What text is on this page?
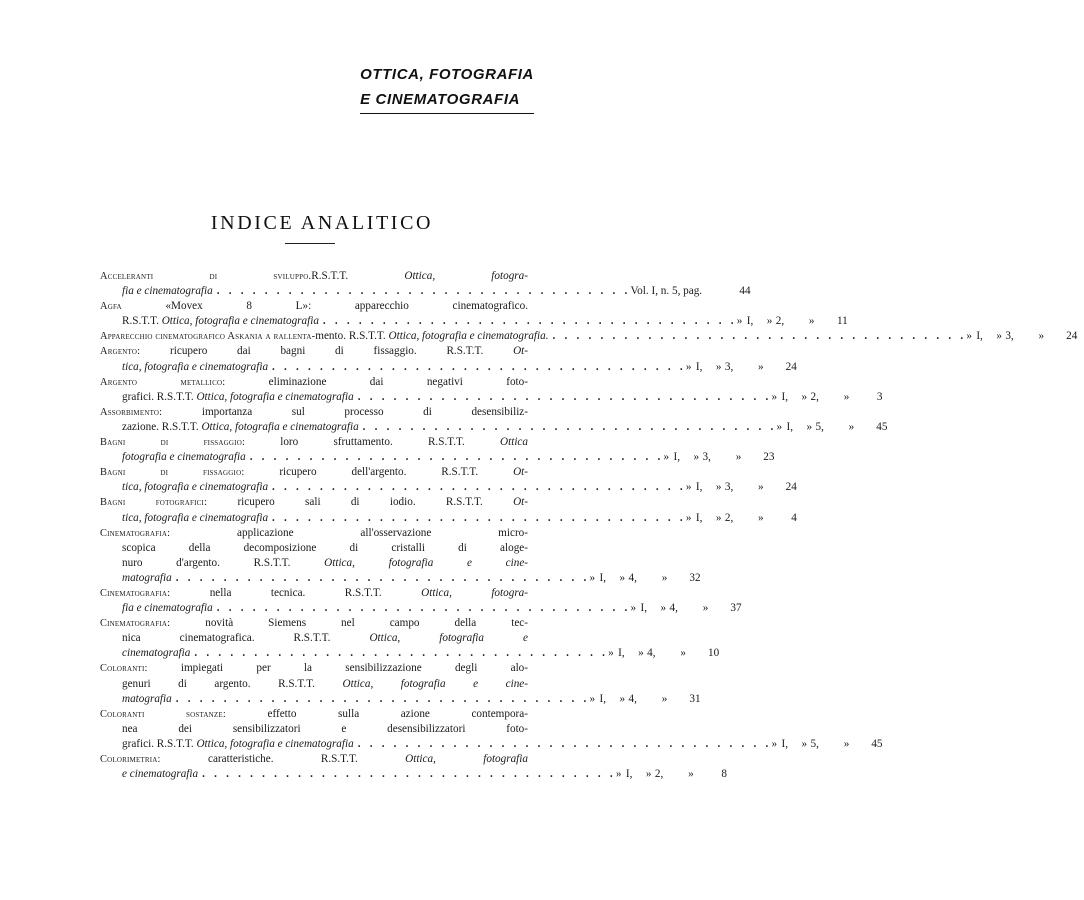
OTTICA, FOTOGRAFIA
E CINEMATOGRAFIA
INDICE ANALITICO
Acceleranti di sviluppo.R.S.T.T. Ottica, fotogra-
fia e cinematografia . . . . . . . . . . . . . . . . . . . . . . . . . . . . . . . . . . . Vol. I, n. 5, pag.	44
Agfa «Movex 8 L»: apparecchio cinematografico.
R.S.T.T. Ottica, fotografia e cinematografia . . . . . . . . . . . . . . . . . . . . . . . . . . . . . . . . . . . » I,	» 2,	»	11
Apparecchio cinematografico Askania a rallenta-mento. R.S.T.T. Ottica, fotografia e cinematografia. . . . . . . . . . . . . . . . . . . . . . . . . . . . . . . . . . . . » I,	» 3,	»	24
Argento: ricupero dai bagni di fissaggio. R.S.T.T. Ot-
tica, fotografia e cinematografia . . . . . . . . . . . . . . . . . . . . . . . . . . . . . . . . . . . » I,	» 3,	»	24
Argento metallico: eliminazione dai negativi foto-
grafici. R.S.T.T. Ottica, fotografia e cinematografia . . . . . . . . . . . . . . . . . . . . . . . . . . . . . . . . . . . » I,	» 2,	»	3
Assorbimento: importanza sul processo di desensibiliz-
zazione. R.S.T.T. Ottica, fotografia e cinematografia . . . . . . . . . . . . . . . . . . . . . . . . . . . . . . . . . . . » I,	» 5,	»	45
Bagni di fissaggio: loro sfruttamento. R.S.T.T. Ottica
fotografia e cinematografia . . . . . . . . . . . . . . . . . . . . . . . . . . . . . . . . . . . » I,	» 3,	»	23
Bagni di fissaggio: ricupero dell'argento. R.S.T.T. Ot-
tica, fotografia e cinematografia . . . . . . . . . . . . . . . . . . . . . . . . . . . . . . . . . . . » I,	» 3,	»	24
Bagni fotografici: ricupero sali di iodio. R.S.T.T. Ot-
tica, fotografia e cinematografia . . . . . . . . . . . . . . . . . . . . . . . . . . . . . . . . . . . » I,	» 2,	»	4
Cinematografia: applicazione all'osservazione micro-
scopica della decomposizione di cristalli di aloge-
nuro d'argento. R.S.T.T. Ottica, fotografia e cine-
matografia . . . . . . . . . . . . . . . . . . . . . . . . . . . . . . . . . . . » I,	» 4,	»	32
Cinematografia: nella tecnica. R.S.T.T. Ottica, fotogra-
fia e cinematografia . . . . . . . . . . . . . . . . . . . . . . . . . . . . . . . . . . . » I,	» 4,	»	37
Cinematografia: novità Siemens nel campo della tec-
nica cinematografica. R.S.T.T. Ottica, fotografia e
cinematografia . . . . . . . . . . . . . . . . . . . . . . . . . . . . . . . . . . . » I,	» 4,	»	10
Coloranti: impiegati per la sensibilizzazione degli alo-
genuri di argento. R.S.T.T. Ottica, fotografia e cine-
matografia . . . . . . . . . . . . . . . . . . . . . . . . . . . . . . . . . . . » I,	» 4,	»	31
Coloranti sostanze: effetto sulla azione contempora-
nea dei sensibilizzatori e desensibilizzatori foto-
grafici. R.S.T.T. Ottica, fotografia e cinematografia . . . . . . . . . . . . . . . . . . . . . . . . . . . . . . . . . . . » I,	» 5,	»	45
Colorimetria: caratteristiche. R.S.T.T. Ottica, fotografia
e cinematografia . . . . . . . . . . . . . . . . . . . . . . . . . . . . . . . . . . . » I,	» 2,	»	8
